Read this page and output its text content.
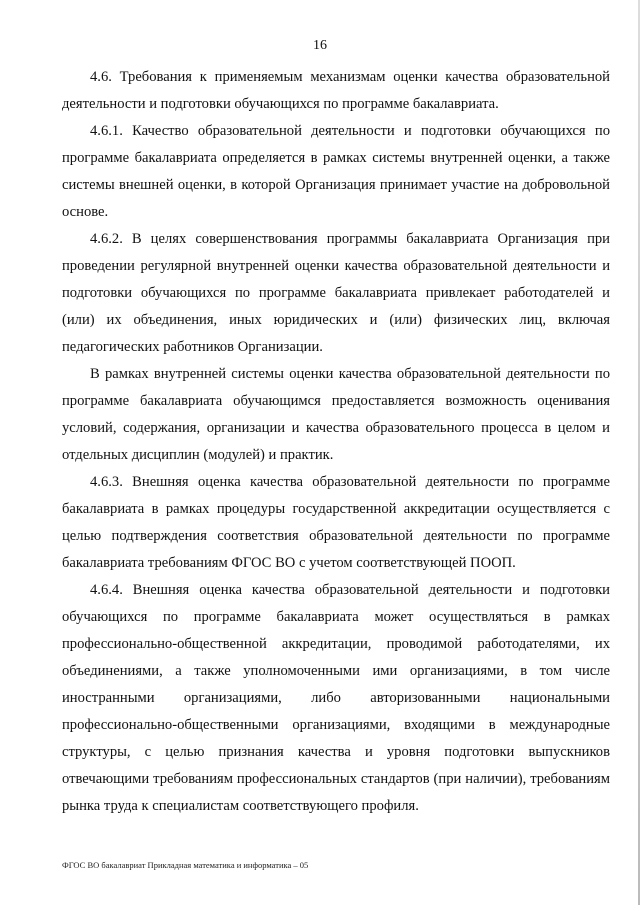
16

4.6. Требования к применяемым механизмам оценки качества образовательной деятельности и подготовки обучающихся по программе бакалавриата.

4.6.1. Качество образовательной деятельности и подготовки обучающихся по программе бакалавриата определяется в рамках системы внутренней оценки, а также системы внешней оценки, в которой Организация принимает участие на добровольной основе.

4.6.2. В целях совершенствования программы бакалавриата Организация при проведении регулярной внутренней оценки качества образовательной деятельности и подготовки обучающихся по программе бакалавриата привлекает работодателей и (или) их объединения, иных юридических и (или) физических лиц, включая педагогических работников Организации.

В рамках внутренней системы оценки качества образовательной деятельности по программе бакалавриата обучающимся предоставляется возможность оценивания условий, содержания, организации и качества образовательного процесса в целом и отдельных дисциплин (модулей) и практик.

4.6.3. Внешняя оценка качества образовательной деятельности по программе бакалавриата в рамках процедуры государственной аккредитации осуществляется с целью подтверждения соответствия образовательной деятельности по программе бакалавриата требованиям ФГОС ВО с учетом соответствующей ПООП.

4.6.4. Внешняя оценка качества образовательной деятельности и подготовки обучающихся по программе бакалавриата может осуществляться в рамках профессионально-общественной аккредитации, проводимой работодателями, их объединениями, а также уполномоченными ими организациями, в том числе иностранными организациями, либо авторизованными национальными профессионально-общественными организациями, входящими в международные структуры, с целью признания качества и уровня подготовки выпускников отвечающими требованиям профессиональных стандартов (при наличии), требованиям рынка труда к специалистам соответствующего профиля.

ФГОС ВО бакалавриат Прикладная математика и информатика – 05
